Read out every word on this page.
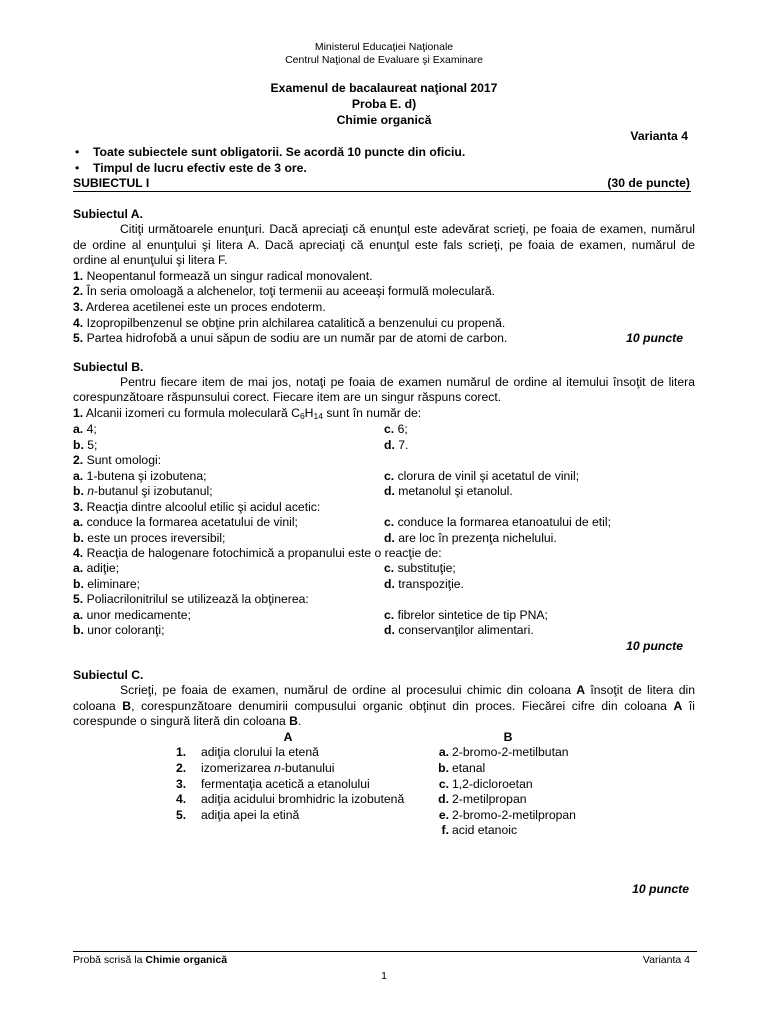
Ministerul Educaţiei Naţionale
Centrul Naţional de Evaluare şi Examinare
Examenul de bacalaureat naţional 2017
Proba E. d)
Chimie organică
Varianta 4
•	Toate subiectele sunt obligatorii. Se acordă 10 puncte din oficiu.
•	Timpul de lucru efectiv este de 3 ore.
SUBIECTUL I	(30 de puncte)
Subiectul A.
Citiţi următoarele enunţuri. Dacă apreciaţi că enunţul este adevărat scrieţi, pe foaia de examen, numărul
de ordine al enunţului şi litera A. Dacă apreciaţi că enunţul este fals scrieţi, pe foaia de examen, numărul de
ordine al enunţului şi litera F.
1. Neopentanul formează un singur radical monovalent.
2. În seria omoloagă a alchenelor, toţi termenii au aceeaşi formulă moleculară.
3. Arderea acetilenei este un proces endoterm.
4. Izopropilbenzenul se obţine prin alchilarea catalitică a benzenului cu propenă.
5. Partea hidrofobă a unui săpun de sodiu are un număr par de atomi de carbon.	10 puncte
Subiectul B.
Pentru fiecare item de mai jos, notaţi pe foaia de examen numărul de ordine al itemului însoţit de litera
corespunzătoare răspunsului corect. Fiecare item are un singur răspuns corect.
1. Alcanii izomeri cu formula moleculară $C_6H_{14}$ sunt în număr de:
a. 4;	c. 6;
b. 5;	d. 7.
2. Sunt omologi:
a. 1-butena şi izobutena;	c. clorura de vinil şi acetatul de vinil;
b. n-butanul şi izobutanul;	d. metanolul şi etanolul.
3. Reacţia dintre alcoolul etilic şi acidul acetic:
a. conduce la formarea acetatului de vinil;	c. conduce la formarea etanoatului de etil;
b. este un proces ireversibil;	d. are loc în prezenţa nichelului.
4. Reacţia de halogenare fotochimică a propanului este o reacţie de:
a. adiţie;	c. substituţie;
b. eliminare;	d. transpoziţie.
5. Poliacrilonitrilul se utilizează la obţinerea:
a. unor medicamente;	c. fibrelor sintetice de tip PNA;
b. unor coloranţi;	d. conservanţilor alimentari.
10 puncte
Subiectul C.
Scrieţi, pe foaia de examen, numărul de ordine al procesului chimic din coloana A însoţit de litera din
coloana B, corespunzătoare denumirii compusului organic obţinut din proces. Fiecărei cifre din coloana A îi
corespunde o singură literă din coloana B.
A	B
1. adiţia clorului la etenă	a. 2-bromo-2-metilbutan
2. izomerizarea n-butanului	b. etanal
3. fermentaţia acetică a etanolului	c. 1,2-dicloroetan
4. adiţia acidului bromhidric la izobutenă	d. 2-metilpropan
5. adiţia apei la etină	e. 2-bromo-2-metilpropan
f. acid etanoic
10 puncte
Probă scrisă la Chimie organică	Varianta 4
1
